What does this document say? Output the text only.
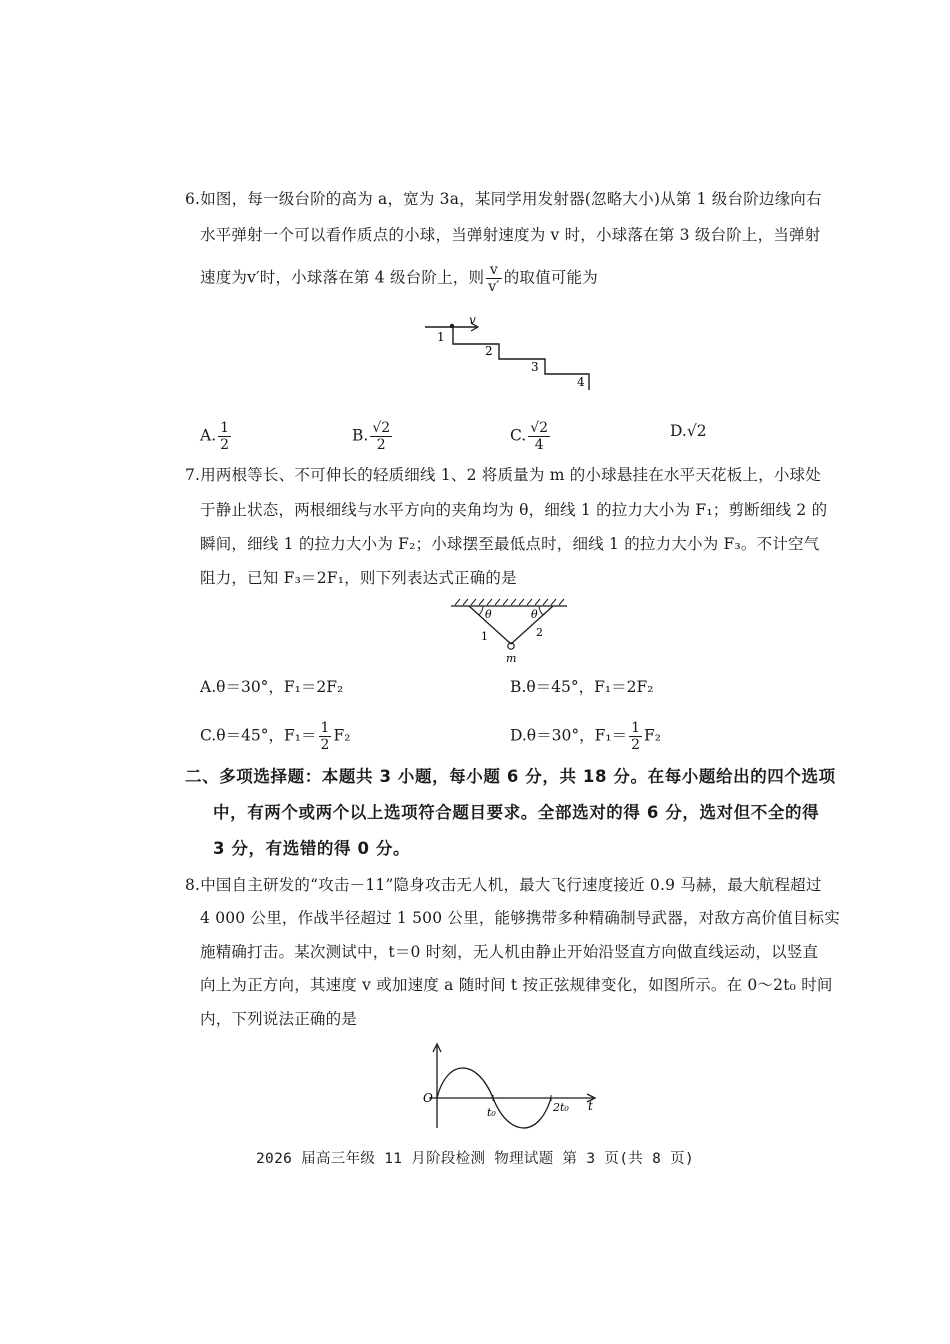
6.如图，每一级台阶的高为 a，宽为 3a，某同学用发射器(忽略大小)从第 1 级台阶边缘向右
水平弹射一个可以看作质点的小球，当弹射速度为 v 时，小球落在第 3 级台阶上，当弹射
速度为v′时，小球落在第 4 级台阶上，则 $\frac{v}{v'}$ 的取值可能为
v
1
2
3
4
A. $\frac{1}{2}$	B. $\frac{√2}{2}$	C. $\frac{√2}{4}$	D.√2
7.用两根等长、不可伸长的轻质细线 1、2 将质量为 m 的小球悬挂在水平天花板上，小球处
于静止状态，两根细线与水平方向的夹角均为 θ，细线 1 的拉力大小为 F₁；剪断细线 2 的
瞬间，细线 1 的拉力大小为 F₂；小球摆至最低点时，细线 1 的拉力大小为 F₃。不计空气
阻力，已知 F₃＝2F₁，则下列表达式正确的是
θ	θ
1	2
m
A.θ＝30°，F₁＝2F₂	B.θ＝45°，F₁＝2F₂
C.θ＝45°，$F_1= \frac{1}{2} F_2$	D.θ＝30°，$F_1= \frac{1}{2} F_2$
二、多项选择题：本题共 3 小题，每小题 6 分，共 18 分。在每小题给出的四个选项
中，有两个或两个以上选项符合题目要求。全部选对的得 6 分，选对但不全的得
3 分，有选错的得 0 分。
8.中国自主研发的“攻击－11”隐身攻击无人机，最大飞行速度接近 0.9 马赫，最大航程超过
4 000 公里，作战半径超过 1 500 公里，能够携带多种精确制导武器，对敌方高价值目标实
施精确打击。某次测试中，t＝0 时刻，无人机由静止开始沿竖直方向做直线运动，以竖直
向上为正方向，其速度 v 或加速度 a 随时间 t 按正弦规律变化，如图所示。在 0～2t₀ 时间
内，下列说法正确的是
O
t₀	2t₀ t
2026 届高三年级 11 月阶段检测 物理试题 第 3 页(共 8 页)
